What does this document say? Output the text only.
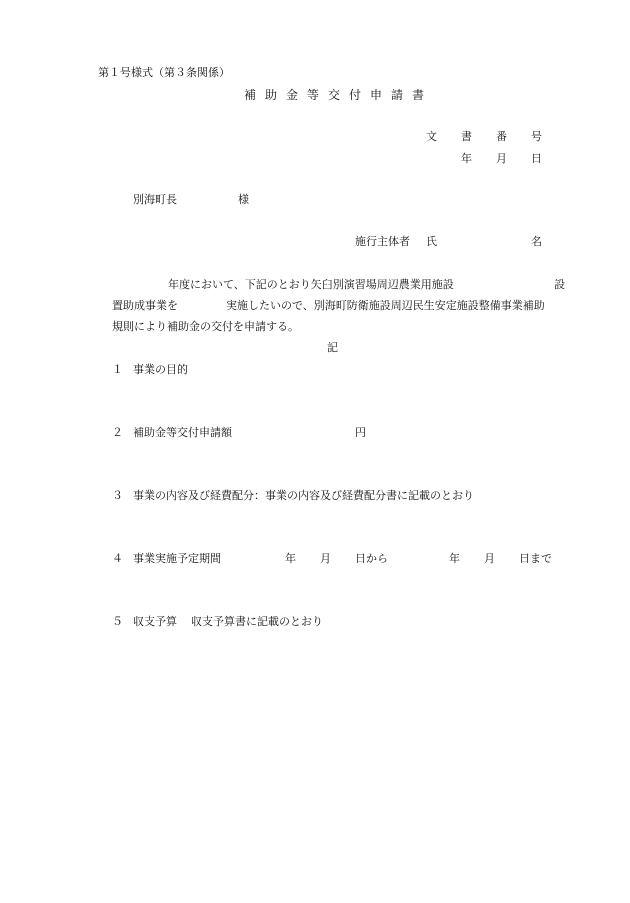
第１号様式（第３条関係）
補 助 金 等 交 付 申 請 書
文 書 番 号
年 月 日
別海町長	様
施行主体者 氏	名
年度において、下記のとおり矢臼別演習場周辺農業用施設	設
置助成事業を	実施したいので、別海町防衛施設周辺民生安定施設整備事業補助
規則により補助金の交付を申請する。
記
１ 事業の目的
２ 補助金等交付申請額	円
３ 事業の内容及び経費配分：事業の内容及び経費配分書に記載のとおり
４ 事業実施予定期間	年 月 日から	年 月 日まで
５ 収支予算 収支予算書に記載のとおり
